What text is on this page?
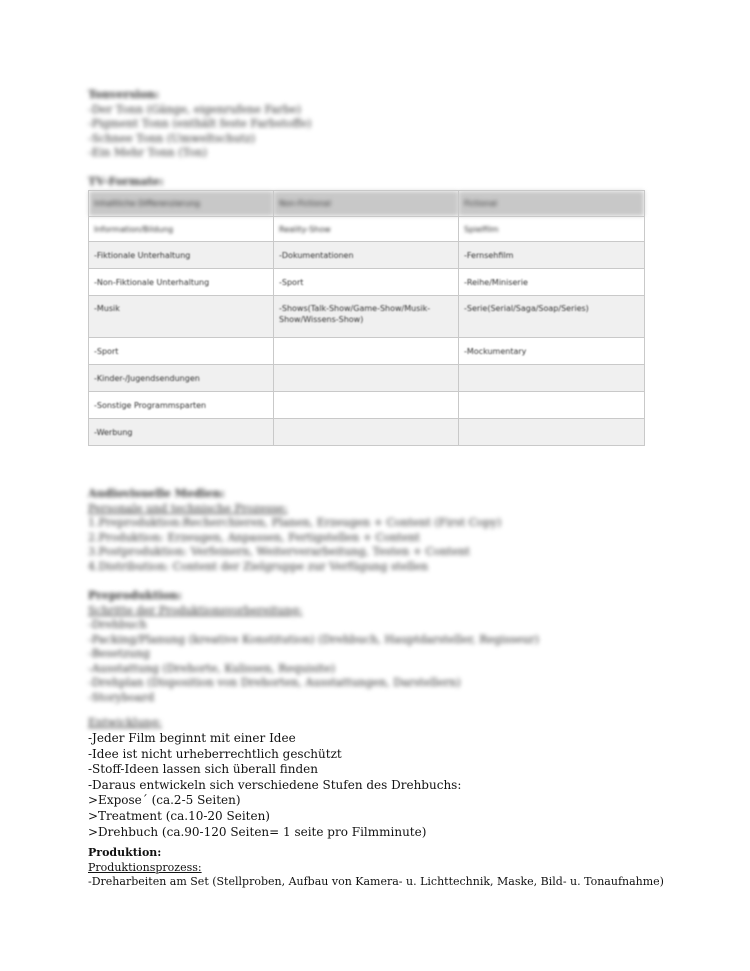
Tonversion:
-Der Tonn (Gänge, eigenrufene Farbe)
-Pigment Tonn (enthält feste Farbstoffe)
-Schnee Tonn (Umweltschutz)
-Ein Mehr Tonn (Ton)
TV-Formate:
Inhaltliche Differenzierung	Non-Fictional	Fictional

Information/Bildung	Reality-Show	Spielfilm

-Fiktionale Unterhaltung	-Dokumentationen	-Fernsehfilm

-Non-Fiktionale Unterhaltung	-Sport	-Reihe/Miniserie

-Musik	-Shows(Talk-Show/Game-Show/Musik-Show/Wissens-Show)	-Serie(Serial/Saga/Soap/Series)

-Sport		-Mockumentary

-Kinder-/Jugendsendungen		

-Sonstige Programmsparten		

-Werbung		

Audiovisuelle Medien:
Personale und technische Prozesse:
1.Preproduktion:Recherchieren, Planen, Erzeugen + Content (First Copy)
2.Produktion: Erzeugen, Anpassen, Fertigstellen + Content
3.Postproduktion: Verfeinern, Weiterverarbeitung, Testen + Content
4.Distribution: Content der Zielgruppe zur Verfügung stellen
Preproduktion:
Schritte der Produktionsvorbereitung:
-Drehbuch
-Packing/Planung (kreative Konstitution) (Drehbuch, Hauptdarsteller, Regisseur)
-Besetzung
-Ausstattung (Drehorte, Kulissen, Requisite)
-Drehplan (Disposition von Drehorten, Ausstattungen, Darstellern)
-Storyboard
Entwicklung:
-Jeder Film beginnt mit einer Idee
-Idee ist nicht urheberrechtlich geschützt
-Stoff-Ideen lassen sich überall finden
-Daraus entwickeln sich verschiedene Stufen des Drehbuchs:
>Expose´ (ca.2-5 Seiten)
>Treatment (ca.10-20 Seiten)
>Drehbuch (ca.90-120 Seiten= 1 seite pro Filmminute)
Produktion:
Produktionsprozess:
-Dreharbeiten am Set (Stellproben, Aufbau von Kamera- u. Lichttechnik, Maske, Bild- u. Tonaufnahme)
